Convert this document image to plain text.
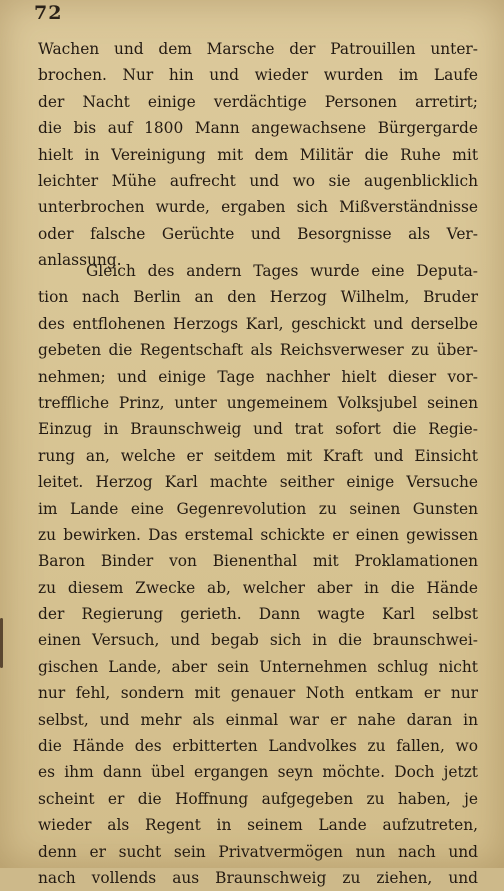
72
Wachen und dem Marsche der Patrouillen unter-
brochen. Nur hin und wieder wurden im Laufe
der Nacht einige verdächtige Personen arretirt;
die bis auf 1800 Mann angewachsene Bürgergarde
hielt in Vereinigung mit dem Militär die Ruhe mit
leichter Mühe aufrecht und wo sie augenblicklich
unterbrochen wurde, ergaben sich Mißverständnisse
oder falsche Gerüchte und Besorgnisse als Ver-
anlassung.
Gleich des andern Tages wurde eine Deputa-
tion nach Berlin an den Herzog Wilhelm, Bruder
des entflohenen Herzogs Karl, geschickt und derselbe
gebeten die Regentschaft als Reichsverweser zu über-
nehmen; und einige Tage nachher hielt dieser vor-
treffliche Prinz, unter ungemeinem Volksjubel seinen
Einzug in Braunschweig und trat sofort die Regie-
rung an, welche er seitdem mit Kraft und Einsicht
leitet. Herzog Karl machte seither einige Versuche
im Lande eine Gegenrevolution zu seinen Gunsten
zu bewirken. Das erstemal schickte er einen gewissen
Baron Binder von Bienenthal mit Proklamationen
zu diesem Zwecke ab, welcher aber in die Hände
der Regierung gerieth. Dann wagte Karl selbst
einen Versuch, und begab sich in die braunschwei-
gischen Lande, aber sein Unternehmen schlug nicht
nur fehl, sondern mit genauer Noth entkam er nur
selbst, und mehr als einmal war er nahe daran in
die Hände des erbitterten Landvolkes zu fallen, wo
es ihm dann übel ergangen seyn möchte. Doch jetzt
scheint er die Hoffnung aufgegeben zu haben, je
wieder als Regent in seinem Lande aufzutreten,
denn er sucht sein Privatvermögen nun nach und
nach vollends aus Braunschweig zu ziehen, und
